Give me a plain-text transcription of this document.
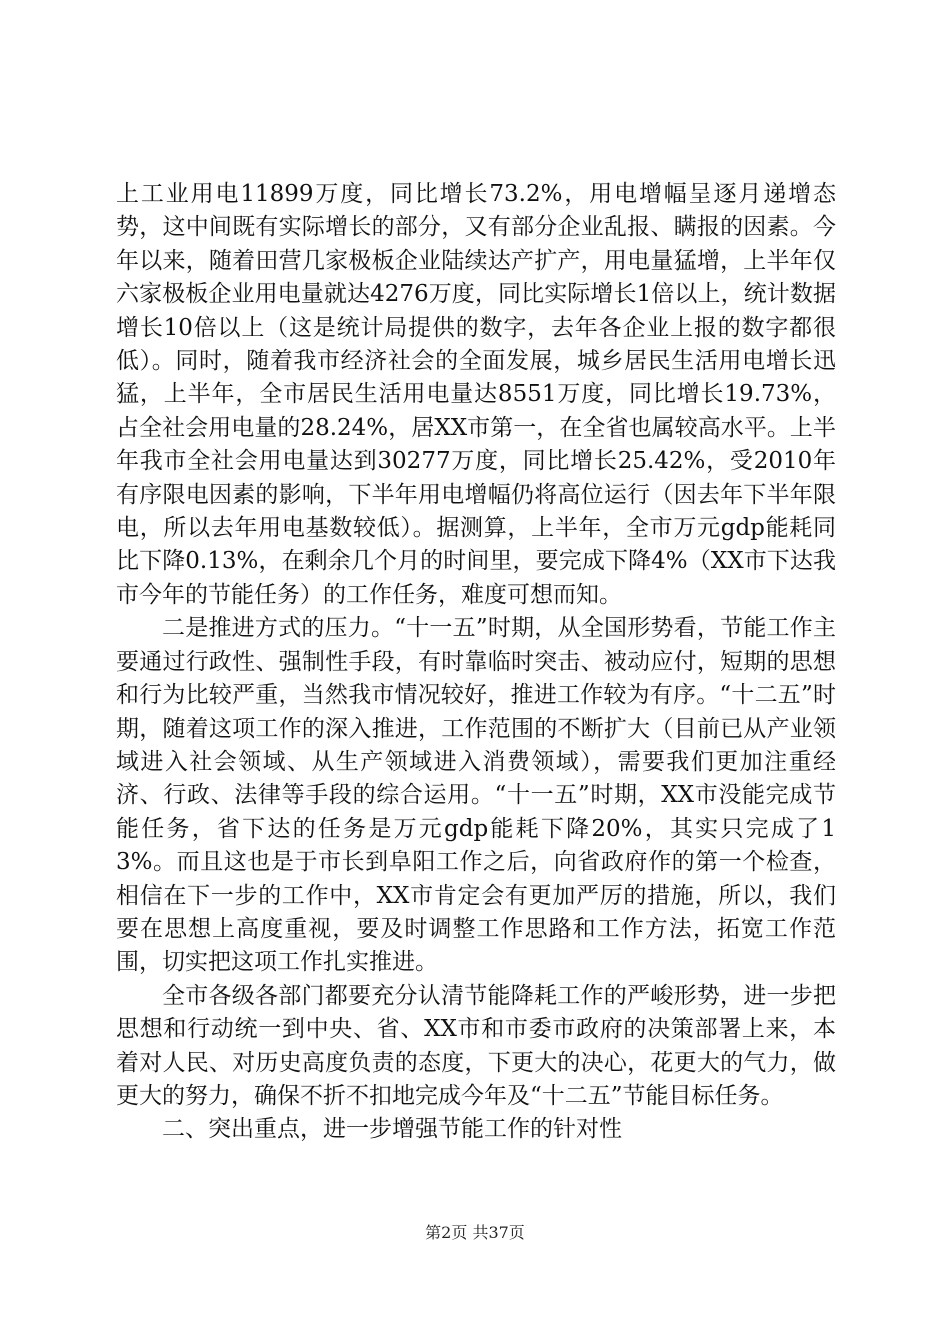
上工业用电11899万度，同比增长73.2%，用电增幅呈逐月递增态势，这中间既有实际增长的部分，又有部分企业乱报、瞒报的因素。今年以来，随着田营几家极板企业陆续达产扩产，用电量猛增，上半年仅六家极板企业用电量就达4276万度，同比实际增长1倍以上，统计数据增长10倍以上（这是统计局提供的数字，去年各企业上报的数字都很低）。同时，随着我市经济社会的全面发展，城乡居民生活用电增长迅猛，上半年，全市居民生活用电量达8551万度，同比增长19.73%，占全社会用电量的28.24%，居XX市第一，在全省也属较高水平。上半年我市全社会用电量达到30277万度，同比增长25.42%，受2010年有序限电因素的影响，下半年用电增幅仍将高位运行（因去年下半年限电，所以去年用电基数较低）。据测算，上半年，全市万元gdp能耗同比下降0.13%，在剩余几个月的时间里，要完成下降4%（XX市下达我市今年的节能任务）的工作任务，难度可想而知。

二是推进方式的压力。“十一五”时期，从全国形势看，节能工作主要通过行政性、强制性手段，有时靠临时突击、被动应付，短期的思想和行为比较严重，当然我市情况较好，推进工作较为有序。“十二五”时期，随着这项工作的深入推进，工作范围的不断扩大（目前已从产业领域进入社会领域、从生产领域进入消费领域），需要我们更加注重经济、行政、法律等手段的综合运用。“十一五”时期，XX市没能完成节能任务，省下达的任务是万元gdp能耗下降20%，其实只完成了13%。而且这也是于市长到阜阳工作之后，向省政府作的第一个检查，相信在下一步的工作中，XX市肯定会有更加严厉的措施，所以，我们要在思想上高度重视，要及时调整工作思路和工作方法，拓宽工作范围，切实把这项工作扎实推进。

全市各级各部门都要充分认清节能降耗工作的严峻形势，进一步把思想和行动统一到中央、省、XX市和市委市政府的决策部署上来，本着对人民、对历史高度负责的态度，下更大的决心，花更大的气力，做更大的努力，确保不折不扣地完成今年及“十二五”节能目标任务。

二、突出重点，进一步增强节能工作的针对性

第2页 共37页
